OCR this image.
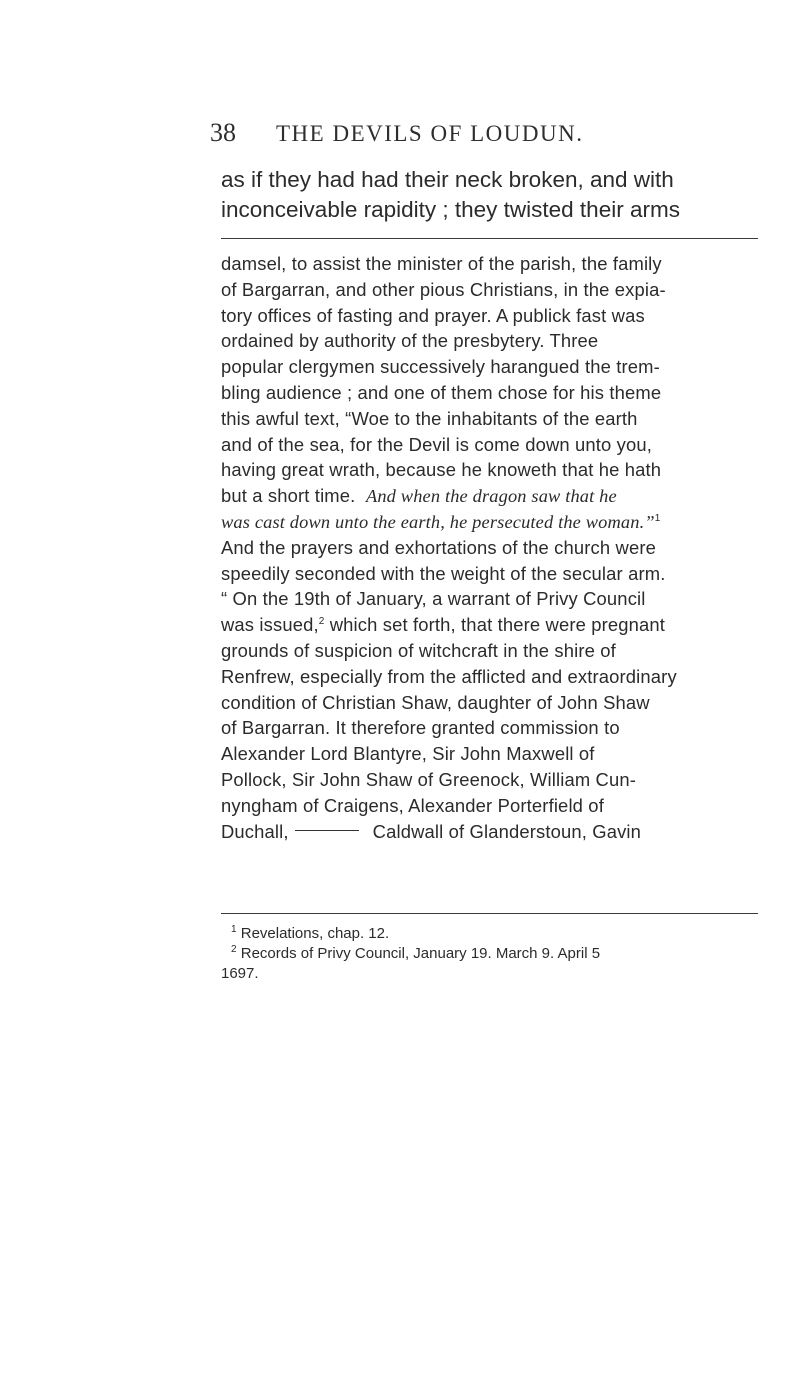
38 THE DEVILS OF LOUDUN.
as if they had had their neck broken, and with
inconceivable rapidity ; they twisted their arms
damsel, to assist the minister of the parish, the family
of Bargarran, and other pious Christians, in the expia-
tory offices of fasting and prayer. A publick fast was
ordained by authority of the presbytery. Three
popular clergymen successively harangued the trem-
bling audience ; and one of them chose for his theme
this awful text, “Woe to the inhabitants of the earth
and of the sea, for the Devil is come down unto you,
having great wrath, because he knoweth that he hath
but a short time. And when the dragon saw that he
was cast down unto the earth, he persecuted the woman.”$^1$
And the prayers and exhortations of the church were
speedily seconded with the weight of the secular arm.
“ On the 19th of January, a warrant of Privy Council
was issued,$^2$ which set forth, that there were pregnant
grounds of suspicion of witchcraft in the shire of
Renfrew, especially from the afflicted and extraordinary
condition of Christian Shaw, daughter of John Shaw
of Bargarran. It therefore granted commission to
Alexander Lord Blantyre, Sir John Maxwell of
Pollock, Sir John Shaw of Greenock, William Cun-
nyngham of Craigens, Alexander Porterfield of
Duchall,	Caldwall of Glanderstoun, Gavin
$^1$ Revelations, chap. 12.
$^2$ Records of Privy Council, January 19. March 9. April 5
1697.
